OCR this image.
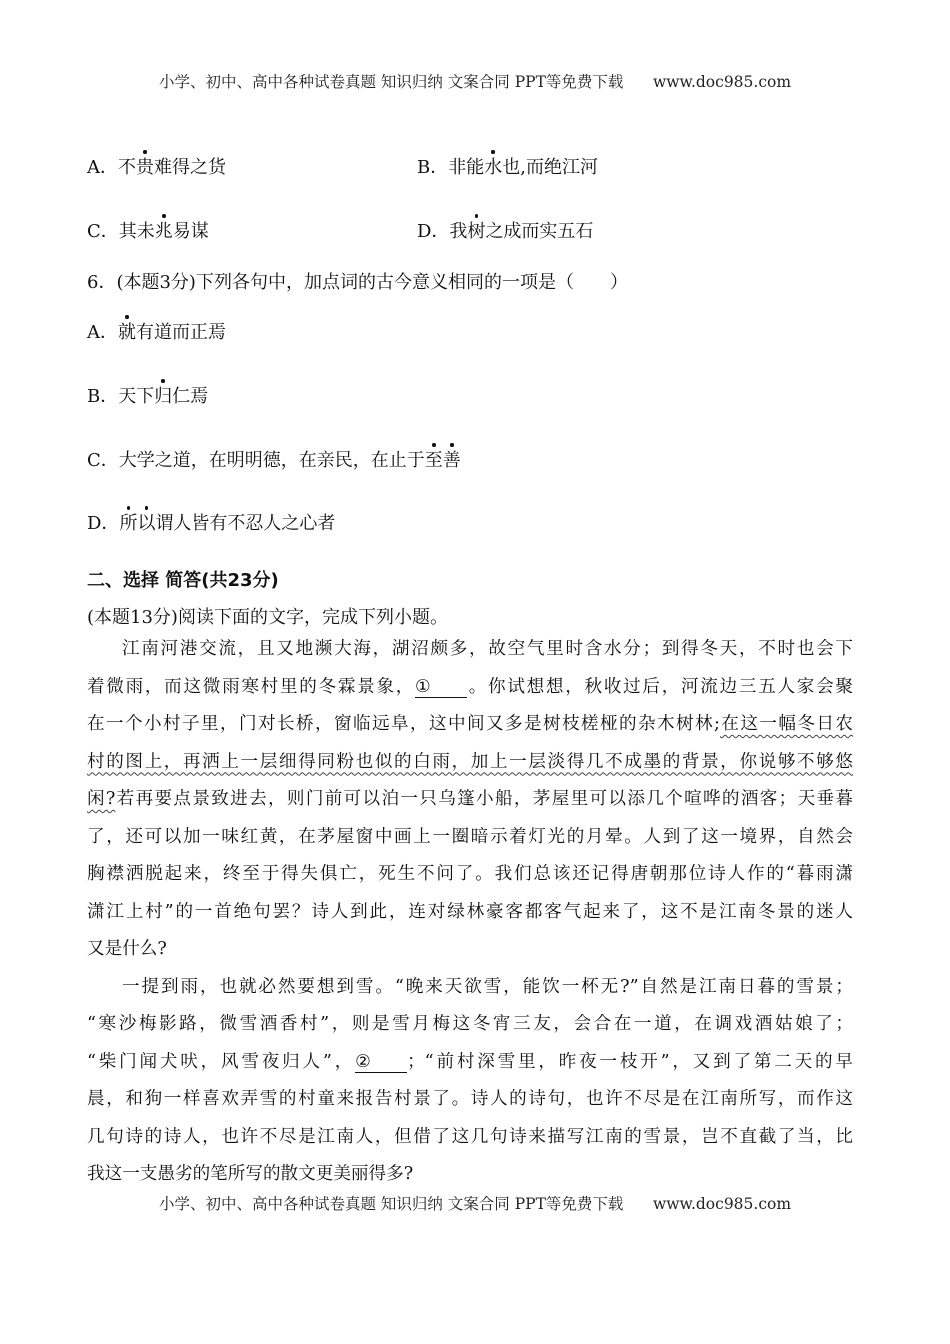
小学、初中、高中各种试卷真题 知识归纳 文案合同 PPT等免费下载      www.doc985.com
A．不贵难得之货	B．非能水也,而绝江河
C．其未兆易谋	D．我树之成而实五石
6．(本题3分)下列各句中，加点词的古今意义相同的一项是（　　）
A．就有道而正焉
B．天下归仁焉
C．大学之道，在明明德，在亲民，在止于至善
D．所以谓人皆有不忍人之心者
二、选择 简答(共23分)
(本题13分)阅读下面的文字，完成下列小题。
江南河港交流，且又地濒大海，湖沼颇多，故空气里时含水分；到得冬天，不时也会下
着微雨，而这微雨寒村里的冬霖景象，① 。你试想想，秋收过后，河流边三五人家会聚
在一个小村子里，门对长桥，窗临远阜，这中间又多是树枝槎桠的杂木树林;在这一幅冬日农
村的图上，再洒上一层细得同粉也似的白雨，加上一层淡得几不成墨的背景，你说够不够悠
闲?若再要点景致进去，则门前可以泊一只乌篷小船，茅屋里可以添几个喧哗的酒客；天垂暮
了，还可以加一味红黄，在茅屋窗中画上一圈暗示着灯光的月晕。人到了这一境界，自然会
胸襟洒脱起来，终至于得失俱亡，死生不问了。我们总该还记得唐朝那位诗人作的“暮雨潇
潇江上村”的一首绝句罢？诗人到此，连对绿林豪客都客气起来了，这不是江南冬景的迷人
又是什么?
一提到雨，也就必然要想到雪。“晚来天欲雪，能饮一杯无?”自然是江南日暮的雪景；
“寒沙梅影路，微雪酒香村”，则是雪月梅这冬宵三友，会合在一道，在调戏酒姑娘了；
“柴门闻犬吠，风雪夜归人”，② ；“前村深雪里，昨夜一枝开”，又到了第二天的早
晨，和狗一样喜欢弄雪的村童来报告村景了。诗人的诗句，也许不尽是在江南所写，而作这
几句诗的诗人，也许不尽是江南人，但借了这几句诗来描写江南的雪景，岂不直截了当，比
我这一支愚劣的笔所写的散文更美丽得多?
小学、初中、高中各种试卷真题 知识归纳 文案合同 PPT等免费下载      www.doc985.com
